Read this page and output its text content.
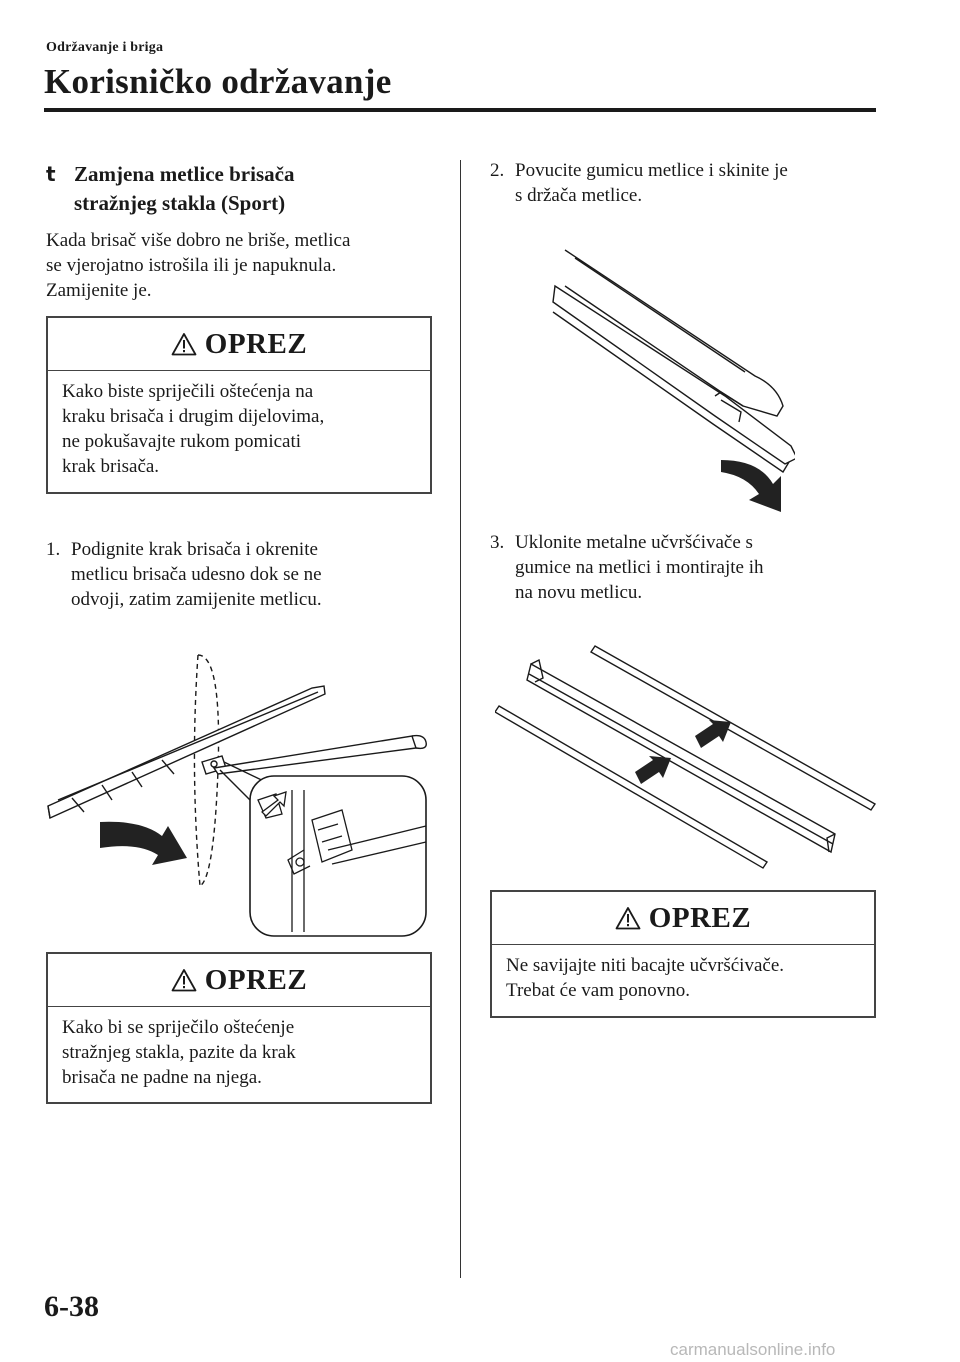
Održavanje i briga
Korisničko održavanje
t Zamjena metlice brisača
stražnjeg stakla (Sport)
Kada brisač više dobro ne briše, metlica
se vjerojatno istrošila ili je napuknula.
Zamijenite je.
OPREZ
Kako biste spriječili oštećenja na
kraku brisača i drugim dijelovima,
ne pokušavajte rukom pomicati
krak brisača.
1. Podignite krak brisača i okrenite
metlicu brisača udesno dok se ne
odvoji, zatim zamijenite metlicu.
OPREZ
Kako bi se spriječilo oštećenje
stražnjeg stakla, pazite da krak
brisača ne padne na njega.
2. Povucite gumicu metlice i skinite je
s držača metlice.
3. Uklonite metalne učvršćivače s
gumice na metlici i montirajte ih
na novu metlicu.
OPREZ
Ne savijajte niti bacajte učvršćivače.
Trebat će vam ponovno.
6-38
carmanualsonline.info
